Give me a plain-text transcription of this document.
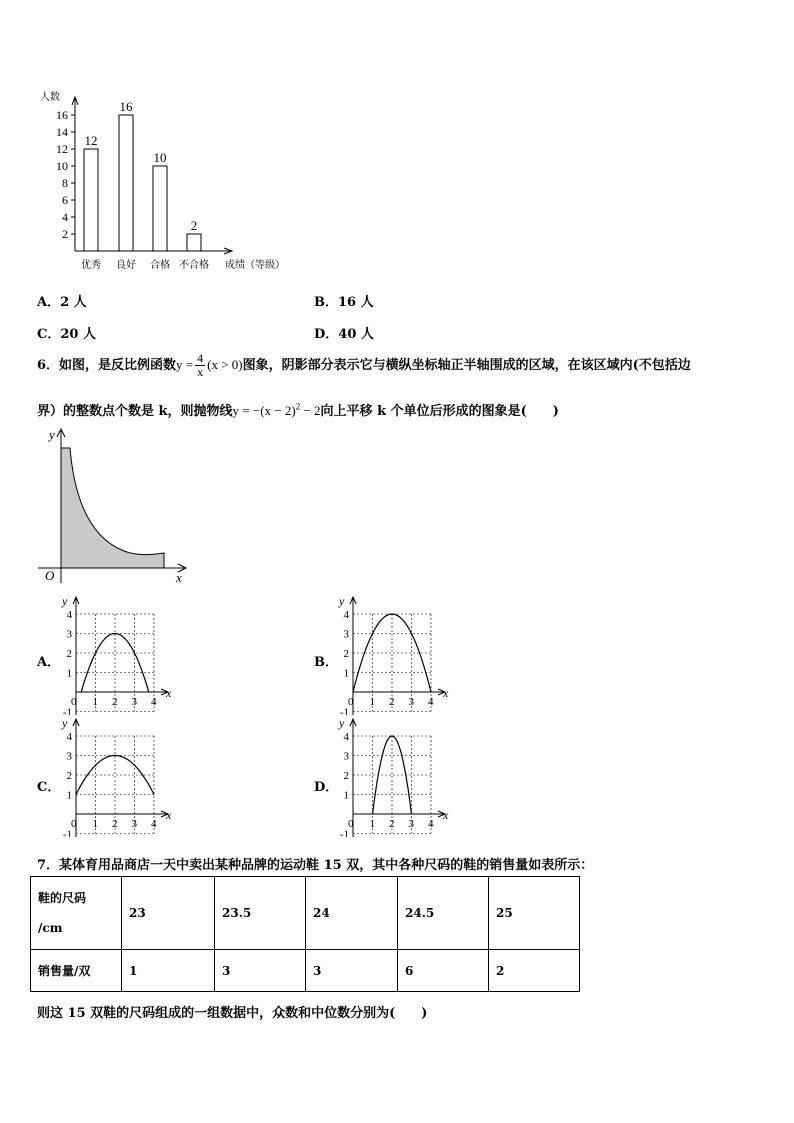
2
4
6
8
10
12
14
16
人数
12
优秀
16
良好
10
合格
2
不合格 成绩（等级）
A．2 人	B．16 人
C．20 人	D．40 人
6．如图，是反比例函数$y = \frac{4}{x} (x > 0)$图象，阴影部分表示它与横纵坐标轴正半轴围成的区域，在该区域内(不包括边
界）的整数点个数是 k，则抛物线$y = -(x - 2)^2 - 2$向上平移 k 个单位后形成的图象是(　　)
y
x
O
A．	B．
C．	D．
y
x
0 1 2 3 4
4
3
2
1
-1
y
x
0 1 2 3 4
4
3
2
1
-1
y
x
0 1 2 3 4
4
3
2
1
-1
y
x
0 1 2 3 4
4
3
2
1
-1
7．某体育用品商店一天中卖出某种品牌的运动鞋 15 双，其中各种尺码的鞋的销售量如表所示：
鞋的尺码
/cm	23	23.5	24	24.5	25
销售量/双	1	3	3	6	2
则这 15 双鞋的尺码组成的一组数据中，众数和中位数分别为(　　)
